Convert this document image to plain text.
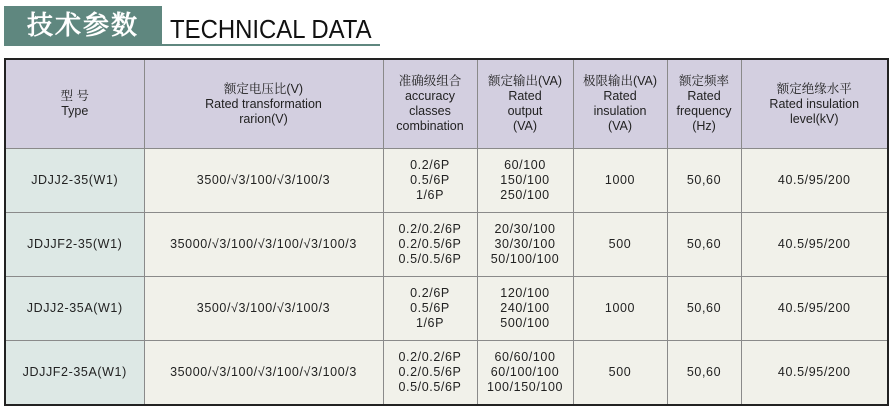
技术参数	TECHNICAL DATA
型 号
Type	额定电压比(V)
Rated transformation
rarion(V)	准确级组合
accuracy
classes
combination	额定输出(VA)
Rated
output
(VA)	极限输出(VA)
Rated
insulation
(VA)	额定频率
Rated
frequency
(Hz)	额定绝缘水平
Rated insulation
level(kV)

JDJJ2-35(W1)	3500/√3/100/√3/100/3	0.2/6P
0.5/6P
1/6P	60/100
150/100
250/100	1000	50,60	40.5/95/200
JDJJF2-35(W1)	35000/√3/100/√3/100/√3/100/3	0.2/0.2/6P
0.2/0.5/6P
0.5/0.5/6P	20/30/100
30/30/100
50/100/100	500	50,60	40.5/95/200
JDJJ2-35A(W1)	3500/√3/100/√3/100/3	0.2/6P
0.5/6P
1/6P	120/100
240/100
500/100	1000	50,60	40.5/95/200
JDJJF2-35A(W1)	35000/√3/100/√3/100/√3/100/3	0.2/0.2/6P
0.2/0.5/6P
0.5/0.5/6P	60/60/100
60/100/100
100/150/100	500	50,60	40.5/95/200
